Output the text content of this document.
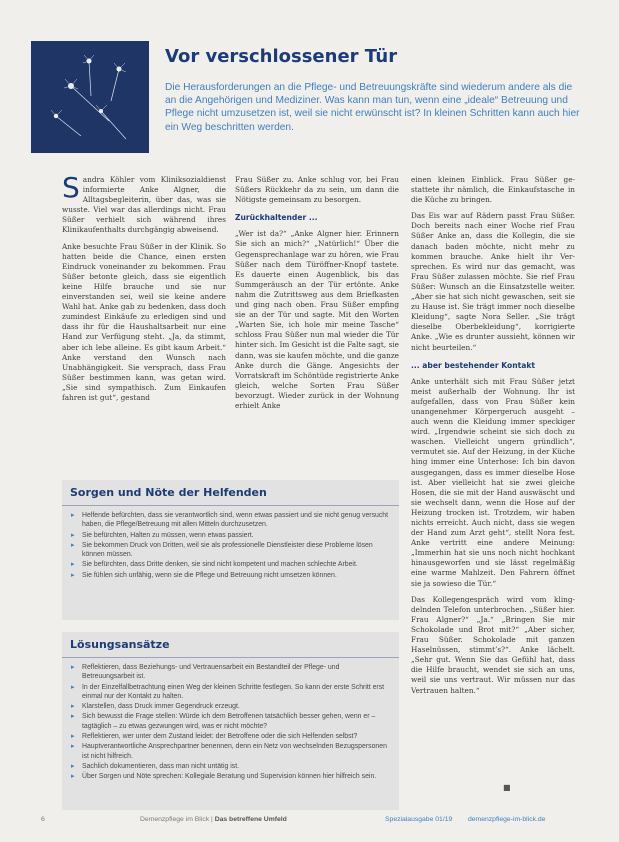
Vor verschlossener Tür

Die Herausforderungen an die Pflege- und Betreuungskräfte sind wiederum andere als die an die Angehörigen und Mediziner. Was kann man tun, wenn eine „ideale“ Betreuung und Pflege nicht umzusetzen ist, weil sie nicht erwünscht ist? In kleinen Schritten kann auch hier ein Weg beschritten werden.

Sandra Köhler vom Kliniksozialdienst informierte Anke Algner, die Alltagsbegleiterin, über das, was sie wusste. Viel war das allerdings nicht. Frau Süßer verhielt sich während ihres Klinikaufenthalts durchgängig abweisend.

Anke besuchte Frau Süßer in der Klinik. So hatten beide die Chance, einen ersten Eindruck voneinander zu bekommen. Frau Süßer betonte gleich, dass sie eigentlich keine Hilfe brauche und sie nur einverstanden sei, weil sie keine andere Wahl hat. Anke gab zu bedenken, dass doch zumindest Einkäufe zu erledigen sind und dass ihr für die Haushaltsarbeit nur eine Hand zur Verfügung steht. „Ja, da stimmt, aber ich lebe alleine. Es gibt kaum Arbeit.“ Anke verstand den Wunsch nach Unabhängigkeit. Sie versprach, dass Frau Süßer bestimmen kann, was getan wird. „Sie sind sympathisch. Zum Einkaufen fahren ist gut“, gestand

Frau Süßer zu. Anke schlug vor, bei Frau Süßers Rückkehr da zu sein, um dann die Nötigste gemeinsam zu besorgen.

Zurückhaltender ...

„Wer ist da?“ „Anke Algner hier. Erinnern Sie sich an mich?“ „Natürlich!“ Über die Gegensprechanlage war zu hören, wie Frau Süßer nach dem Türöffner-Knopf tastete. Es dauerte einen Augenblick, bis das Summgeräusch an der Tür ertönte. Anke nahm die Zutrittsweg aus dem Briefkasten und ging nach oben. Frau Süßer empfing sie an der Tür und sagte. Mit den Worten „Warten Sie, ich hole mir meine Tasche“ schloss Frau Süßer nun mal wieder die Tür hinter sich. Im Gesicht ist die Falte sagt, sie dann, was sie kaufen möchte, und die ganze Anke durch die Gänge. Angesichts der Vorratskraft im Schöntüde registrierte Anke gleich, welche Sorten Frau Süßer bevorzugt. Wieder zurück in der Wohnung erhielt Anke

einen kleinen Einblick. Frau Süßer gestattete ihr nämlich, die Einkaufstasche in die Küche zu bringen.

Das Eis war auf Rädern passt Frau Süßer. Doch bereits nach einer Woche rief Frau Süßer Anke an, dass die Kollegin, die sie danach baden möchte, nicht mehr zu kommen brauche. Anke hielt ihr Versprechen. Es wird nur das gemacht, was Frau Süßer zulassen möchte. Sie rief Frau Süßer: Wunsch an die Einsatzstelle weiter. „Aber sie hat sich nicht gewaschen, seit sie zu Hause ist. Sie trägt immer noch dieselbe Kleidung“, sagte Nora Seller. „Sie trägt dieselbe Oberbekleidung“, korrigierte Anke. „Wie es drunter aussieht, können wir nicht beurteilen.“

... aber bestehender Kontakt

Anke unterhält sich mit Frau Süßer jetzt meist außerhalb der Wohnung. Ihr ist aufgefallen, dass von Frau Süßer kein unangenehmer Körpergeruch ausgeht – auch wenn die Kleidung immer speckiger wird. „Irgendwie scheint sie sich doch zu waschen. Vielleicht ungern gründlich“, vermutet sie. Auf der Heizung, in der Küche hing immer eine Unterhose: Ich bin davon ausgegangen, dass es immer dieselbe Hose ist. Aber vielleicht hat sie zwei gleiche Hosen, die sie mit der Hand auswäscht und sie wechselt dann, wenn die Hose auf der Heizung trocken ist. Trotzdem, wir haben nichts erreicht. Auch nicht, dass sie wegen der Hand zum Arzt geht“, stellt Nora fest. Anke vertritt eine andere Meinung: „Immerhin hat sie uns noch nicht hochkant hinausgeworfen und sie lässt regelmäßig eine warme Mahlzeit. Den Fahrern öffnet sie ja sowieso die Tür.“

Das Kollegengespräch wird vom klingdelnden Telefon unterbrochen. „Süßer hier. Frau Algner?“ „Ja.“ „Bringen Sie mir Schokolade und Brot mit?“ „Aber sicher, Frau Süßer. Schokolade mit ganzen Haselnüssen, stimmt’s?“. Anke lächelt. „Sehr gut. Wenn Sie das Gefühl hat, dass die Hilfe braucht, wendet sie sich an uns, weil sie uns vertraut. Wir müssen nur das Vertrauen halten.“

Sorgen und Nöte der Helfenden
▸ Helfende befürchten, dass sie verantwortlich sind, wenn etwas passiert und sie nicht genug versucht haben, die Pflege/Betreuung mit allen Mitteln durchzusetzen.
▸ Sie befürchten, Halten zu müssen, wenn etwas passiert.
▸ Sie bekommen Druck von Dritten, weil sie als professionelle Dienstleister diese Probleme lösen können müssen.
▸ Sie befürchten, dass Dritte denken, sie sind nicht kompetent und machen schlechte Arbeit.
▸ Sie fühlen sich unfähig, wenn sie die Pflege und Betreuung nicht umsetzen können.
Lösungsansätze
▸ Reflektieren, dass Beziehungs- und Vertrauensarbeit ein Bestandteil der Pflege- und Betreuungsarbeit ist.
▸ In der Einzelfallbetrachtung einen Weg der kleinen Schritte festlegen. So kann der erste Schritt erst einmal nur der Kontakt zu halten.
▸ Klarstellen, dass Druck immer Gegendruck erzeugt.
▸ Sich bewusst die Frage stellen: Würde ich dem Betroffenen tatsächlich besser gehen, wenn er – tagtäglich – zu etwas gezwungen wird, was er nicht möchte?
▸ Reflektieren, wer unter dem Zustand leidet: der Betroffene oder die sich Helfenden selbst?
▸ Hauptverantwortliche Ansprechpartner benennen, denn ein Netz von wechselnden Bezugspersonen ist nicht hilfreich.
▸ Sachlich dokumentieren, dass man nicht untätig ist.
▸ Über Sorgen und Nöte sprechen: Kollegiale Beratung und Supervision können hier hilfreich sein.
■
6	Demenzpflege im Blick | Das betreffene Umfeld	Spezialausgabe 01/19 demenzpflege-im-blick.de
